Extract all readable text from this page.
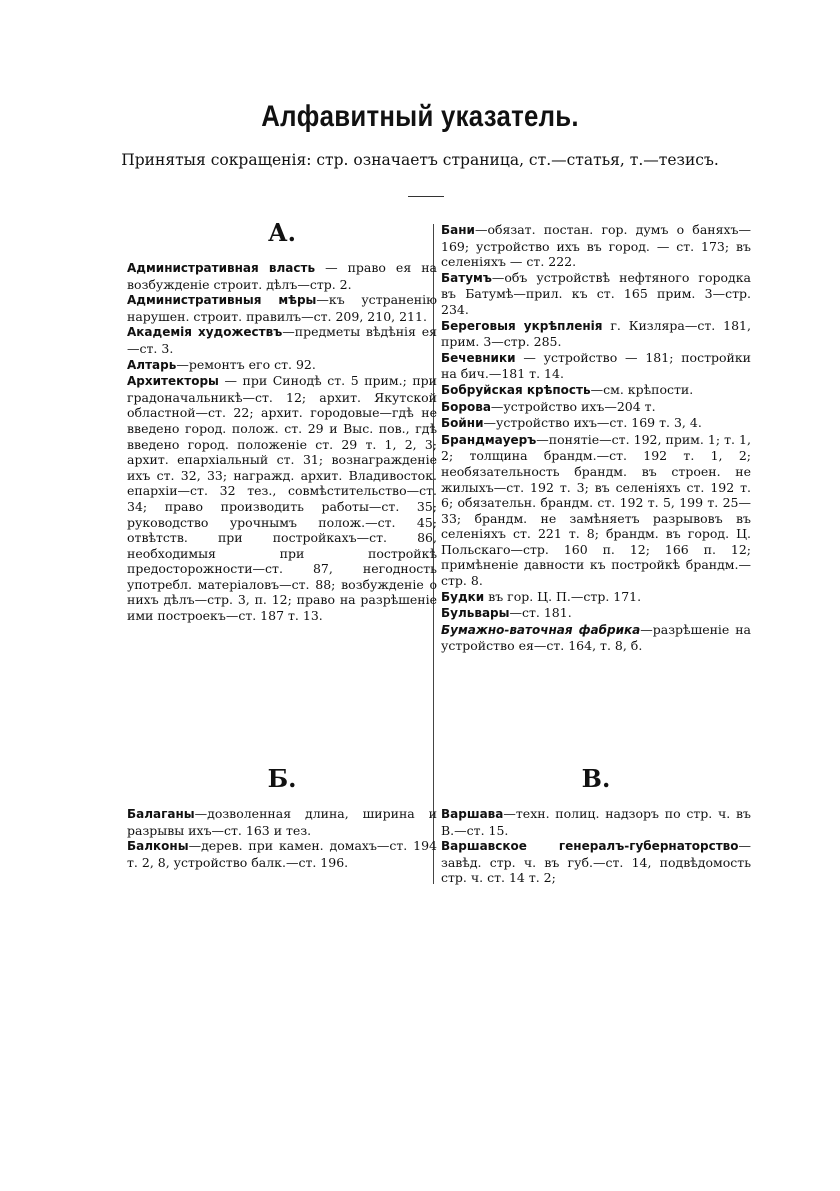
Алфавитный указатель.
Принятыя сокращенія: стр. означаетъ страница, ст.—статья, т.—тезисъ.
А.

Административная власть — право ея на возбужденіе строит. дѣлъ—стр. 2.

Административныя мѣры—къ устраненію нарушен. строит. правилъ—ст. 209, 210, 211.

Академія художествъ—предметы вѣдѣнія ея—ст. 3.

Алтарь—ремонтъ его ст. 92.

Архитекторы — при Синодѣ ст. 5 прим.; при градоначальникѣ—ст. 12; архит. Якутской областной—ст. 22; архит. городовые—гдѣ не введено город. полож. ст. 29 и Выс. пов., гдѣ введено город. положеніе ст. 29 т. 1, 2, 3; архит. епархіальный ст. 31; вознагражденіе ихъ ст. 32, 33; награжд. архит. Владивосток. епархіи—ст. 32 тез., совмѣстительство—ст. 34; право производить работы—ст. 35; руководство урочнымъ полож.—ст. 45; отвѣтств. при постройкахъ—ст. 86, необходимыя при постройкѣ предосторожности—ст. 87, негодность употребл. матеріаловъ—ст. 88; возбужденіе о нихъ дѣлъ—стр. 3, п. 12; право на разрѣшеніе ими построекъ—ст. 187 т. 13.

Бани—обязат. постан. гор. думъ о баняхъ—169; устройство ихъ въ город. — ст. 173; въ селеніяхъ — ст. 222.

Батумъ—объ устройствѣ нефтяного городка въ Батумѣ—прил. къ ст. 165 прим. 3—стр. 234.

Береговыя укрѣпленія г. Кизляра—ст. 181, прим. 3—стр. 285.

Бечевники — устройство — 181; постройки на бич.—181 т. 14.

Бобруйская крѣпость—см. крѣпости.

Борова—устройство ихъ—204 т.

Бойни—устройство ихъ—ст. 169 т. 3, 4.

Брандмауеръ—понятіе—ст. 192, прим. 1; т. 1, 2; толщина брандм.—ст. 192 т. 1, 2; необязательность брандм. въ строен. не жилыхъ—ст. 192 т. 3; въ селеніяхъ ст. 192 т. 6; обязательн. брандм. ст. 192 т. 5, 199 т. 25—33; брандм. не замѣняетъ разрывовъ въ селеніяхъ ст. 221 т. 8; брандм. въ город. Ц. Польскаго—стр. 160 п. 12; 166 п. 12; примѣненіе давности къ постройкѣ брандм.—стр. 8.

Будки въ гор. Ц. П.—стр. 171.

Бульвары—ст. 181.

Бумажно-ваточная фабрика—разрѣшеніе на устройство ея—ст. 164, т. 8, б.

Б.

Балаганы—дозволенная длина, ширина и разрывы ихъ—ст. 163 и тез.

Балконы—дерев. при камен. домахъ—ст. 194 т. 2, 8, устройство балк.—ст. 196.

В.

Варшава—техн. полиц. надзоръ по стр. ч. въ В.—ст. 15.

Варшавское генералъ-губернаторство—завѣд. стр. ч. въ губ.—ст. 14, подвѣдомость стр. ч. ст. 14 т. 2;
